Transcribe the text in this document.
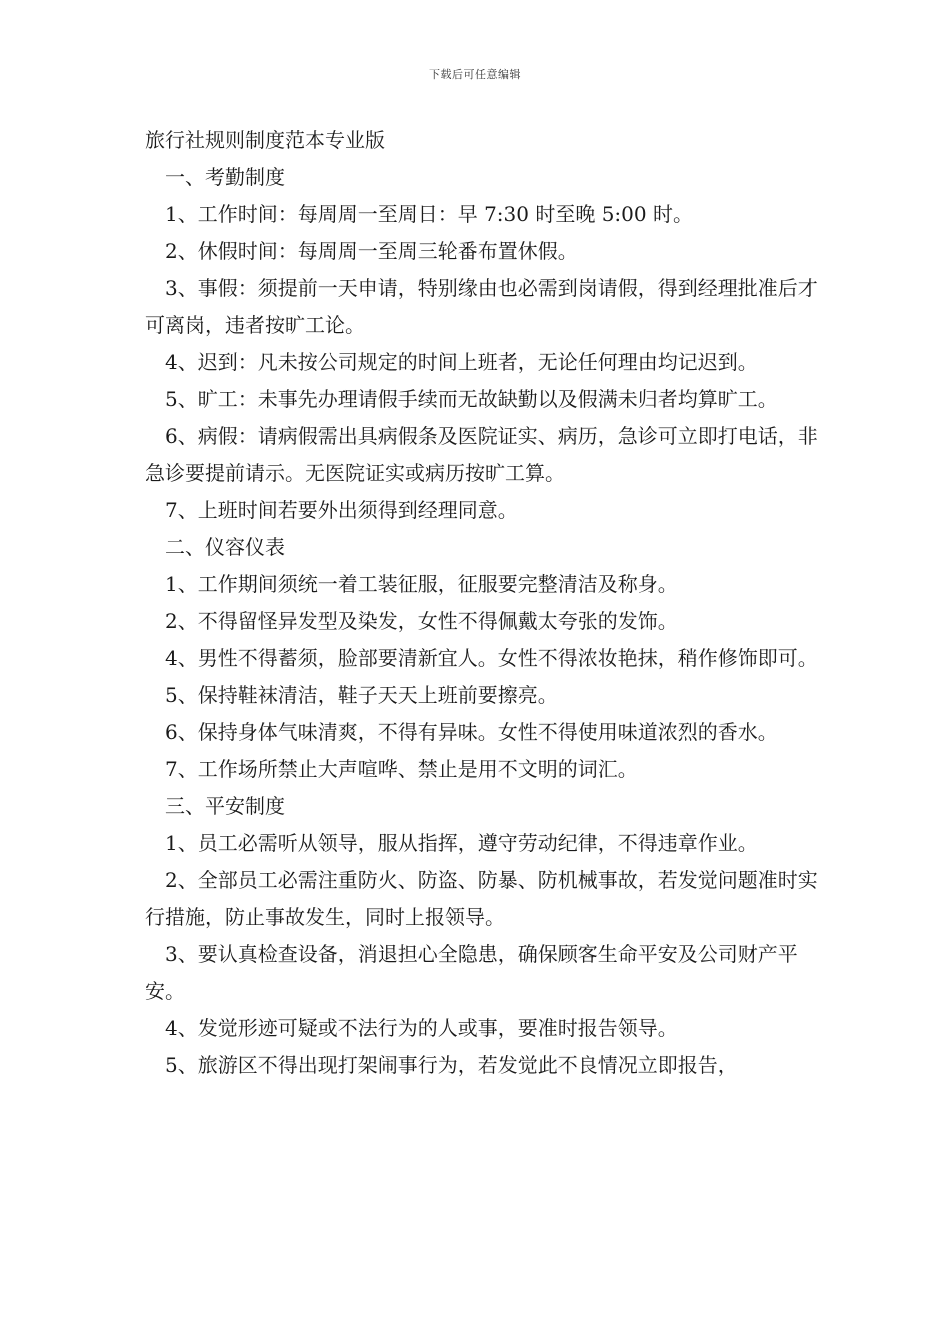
下载后可任意编辑

旅行社规则制度范本专业版

一、考勤制度

1、工作时间：每周周一至周日：早 7:30 时至晚 5:00 时。

2、休假时间：每周周一至周三轮番布置休假。

3、事假：须提前一天申请，特别缘由也必需到岗请假，得到经理批准后才可离岗，违者按旷工论。

4、迟到：凡未按公司规定的时间上班者，无论任何理由均记迟到。

5、旷工：未事先办理请假手续而无故缺勤以及假满未归者均算旷工。

6、病假：请病假需出具病假条及医院证实、病历，急诊可立即打电话，非急诊要提前请示。无医院证实或病历按旷工算。

7、上班时间若要外出须得到经理同意。

二、仪容仪表

1、工作期间须统一着工装征服，征服要完整清洁及称身。

2、不得留怪异发型及染发，女性不得佩戴太夸张的发饰。

4、男性不得蓄须，脸部要清新宜人。女性不得浓妆艳抹，稍作修饰即可。

5、保持鞋袜清洁，鞋子天天上班前要擦亮。

6、保持身体气味清爽，不得有异味。女性不得使用味道浓烈的香水。

7、工作场所禁止大声喧哗、禁止是用不文明的词汇。

三、平安制度

1、员工必需听从领导，服从指挥，遵守劳动纪律，不得违章作业。

2、全部员工必需注重防火、防盗、防暴、防机械事故，若发觉问题准时实行措施，防止事故发生，同时上报领导。

3、要认真检查设备，消退担心全隐患，确保顾客生命平安及公司财产平安。

4、发觉形迹可疑或不法行为的人或事，要准时报告领导。

5、旅游区不得出现打架闹事行为，若发觉此不良情况立即报告，
